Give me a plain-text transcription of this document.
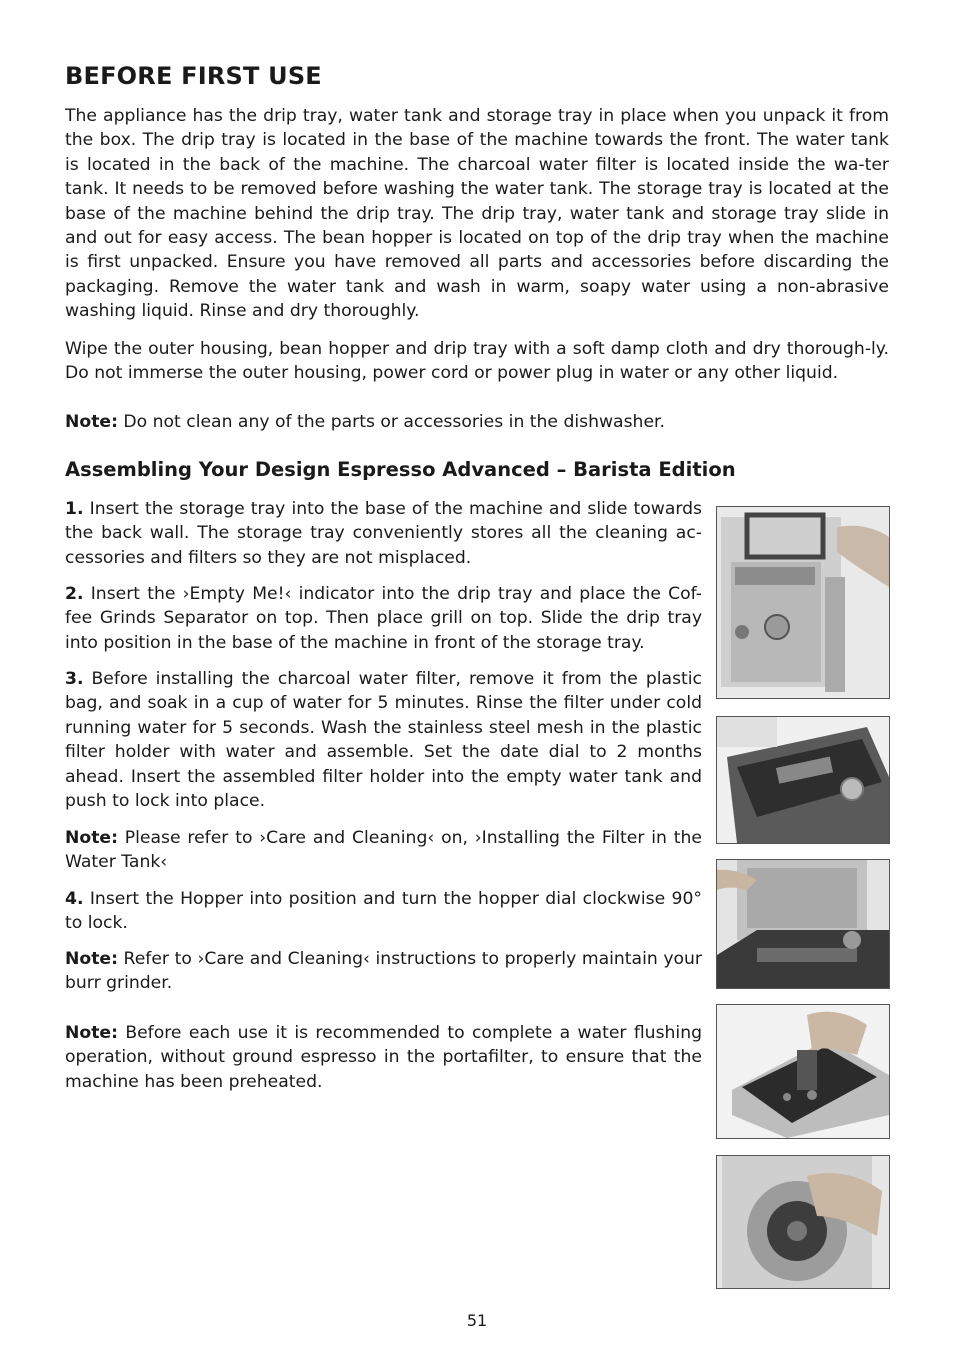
BEFORE FIRST USE

The appliance has the drip tray, water tank and storage tray in place when you unpack it from the box. The drip tray is located in the base of the machine towards the front. The water tank is located in the back of the machine. The charcoal water filter is located inside the wa-ter tank. It needs to be removed before washing the water tank. The storage tray is located at the base of the machine behind the drip tray. The drip tray, water tank and storage tray slide in and out for easy access. The bean hopper is located on top of the drip tray when the machine is first unpacked. Ensure you have removed all parts and accessories before discarding the packaging. Remove the water tank and wash in warm, soapy water using a non-abrasive washing liquid. Rinse and dry thoroughly.

Wipe the outer housing, bean hopper and drip tray with a soft damp cloth and dry thorough-ly. Do not immerse the outer housing, power cord or power plug in water or any other liquid.

Note: Do not clean any of the parts or accessories in the dishwasher.
Assembling Your Design Espresso Advanced – Barista Edition

1. Insert the storage tray into the base of the machine and slide towards the back wall. The storage tray conveniently stores all the cleaning ac-cessories and filters so they are not misplaced.

2. Insert the ›Empty Me!‹ indicator into the drip tray and place the Cof-fee Grinds Separator on top. Then place grill on top. Slide the drip tray into position in the base of the machine in front of the storage tray.

3. Before installing the charcoal water filter, remove it from the plastic bag, and soak in a cup of water for 5 minutes. Rinse the filter under cold running water for 5 seconds. Wash the stainless steel mesh in the plastic filter holder with water and assemble. Set the date dial to 2 months ahead. Insert the assembled filter holder into the empty water tank and push to lock into place.

Note: Please refer to ›Care and Cleaning‹ on, ›Installing the Filter in the Water Tank‹

4. Insert the Hopper into position and turn the hopper dial clockwise 90° to lock.

Note: Refer to ›Care and Cleaning‹ instructions to properly maintain your burr grinder.

Note: Before each use it is recommended to complete a water flushing operation, without ground espresso in the portafilter, to ensure that the machine has been preheated.

51
